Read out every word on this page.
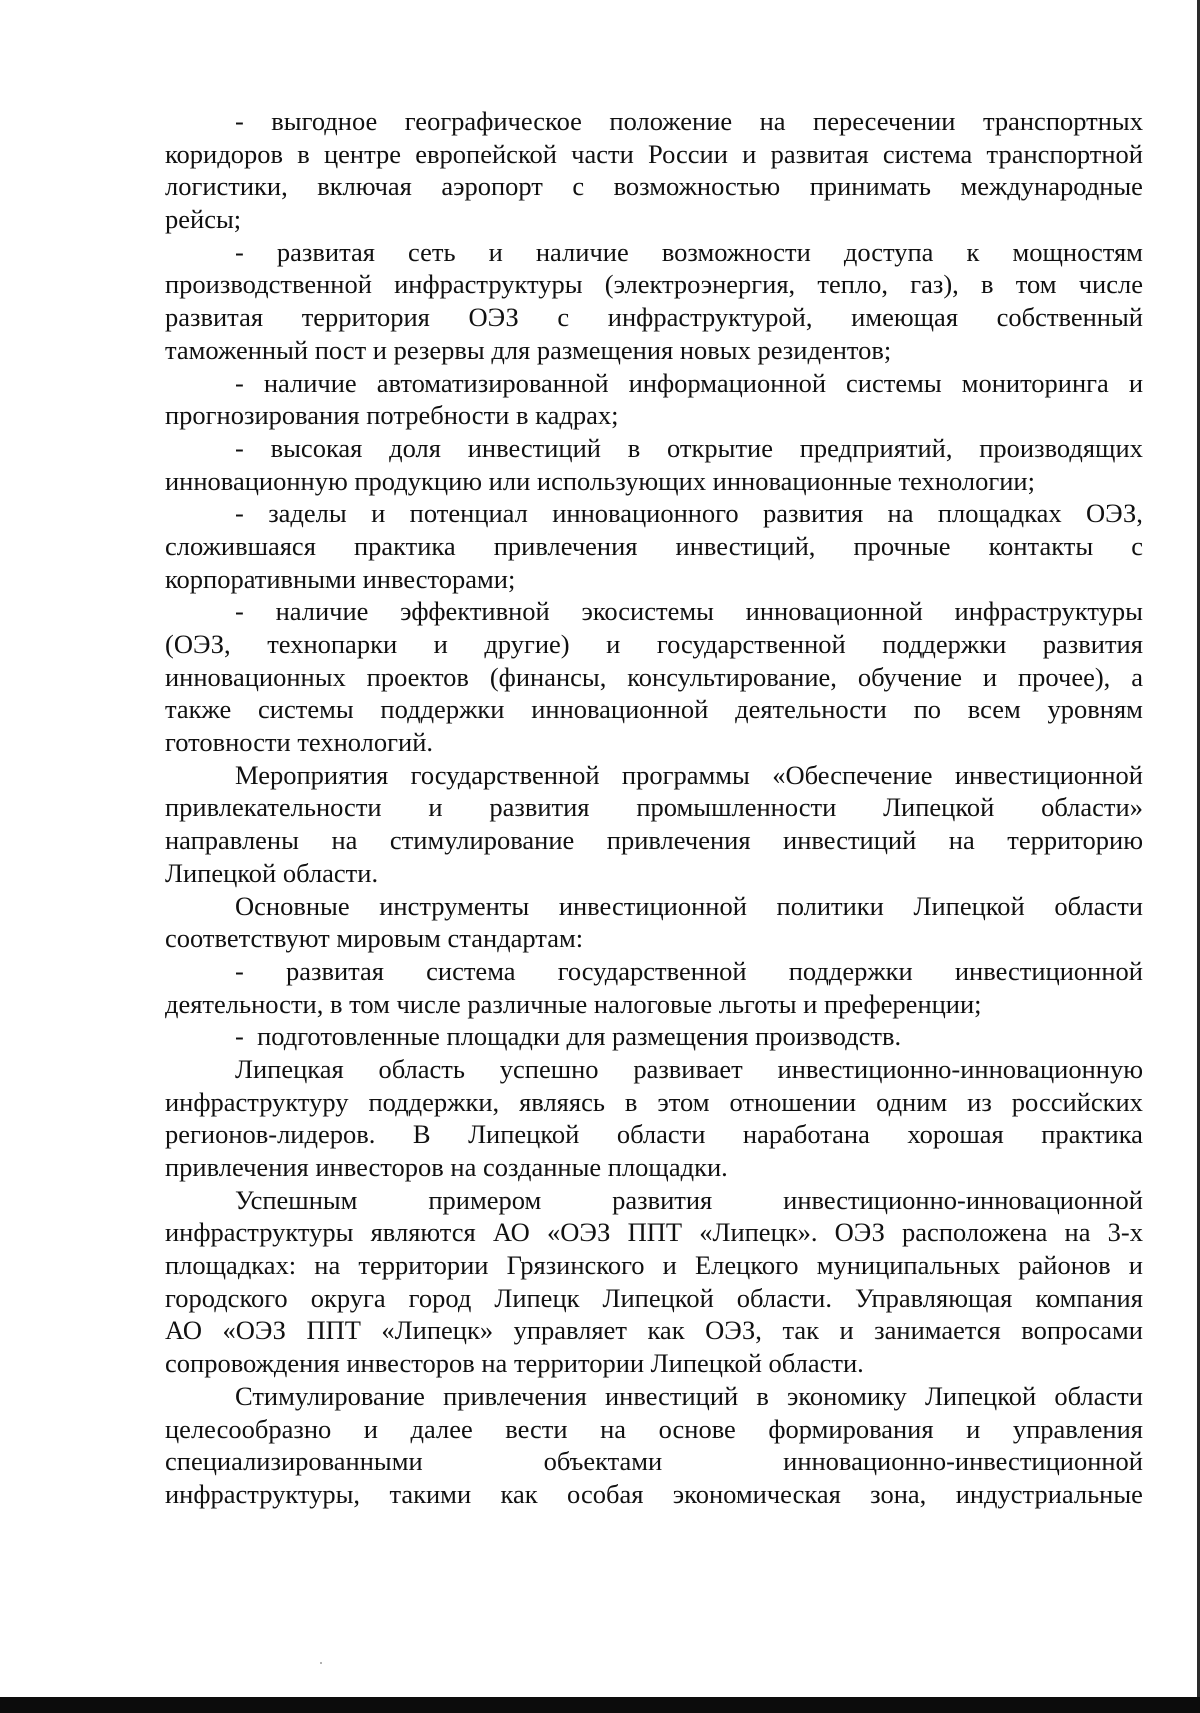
- выгодное географическое положение на пересечении транспортных
коридоров в центре европейской части России и развитая система транспортной
логистики, включая аэропорт с возможностью принимать международные
рейсы;
- развитая сеть и наличие возможности доступа к мощностям
производственной инфраструктуры (электроэнергия, тепло, газ), в том числе
развитая территория ОЭЗ с инфраструктурой, имеющая собственный
таможенный пост и резервы для размещения новых резидентов;
- наличие автоматизированной информационной системы мониторинга и
прогнозирования потребности в кадрах;
- высокая доля инвестиций в открытие предприятий, производящих
инновационную продукцию или использующих инновационные технологии;
- заделы и потенциал инновационного развития на площадках ОЭЗ,
сложившаяся практика привлечения инвестиций, прочные контакты с
корпоративными инвесторами;
- наличие эффективной экосистемы инновационной инфраструктуры
(ОЭЗ, технопарки и другие) и государственной поддержки развития
инновационных проектов (финансы, консультирование, обучение и прочее), а
также системы поддержки инновационной деятельности по всем уровням
готовности технологий.
Мероприятия государственной программы «Обеспечение инвестиционной
привлекательности и развития промышленности Липецкой области»
направлены на стимулирование привлечения инвестиций на территорию
Липецкой области.
Основные инструменты инвестиционной политики Липецкой области
соответствуют мировым стандартам:
- развитая система государственной поддержки инвестиционной
деятельности, в том числе различные налоговые льготы и преференции;
-  подготовленные площадки для размещения производств.
Липецкая область успешно развивает инвестиционно-инновационную
инфраструктуру поддержки, являясь в этом отношении одним из российских
регионов-лидеров. В Липецкой области наработана хорошая практика
привлечения инвесторов на созданные площадки.
Успешным	примером	развития	инвестиционно-инновационной
инфраструктуры являются АО «ОЭЗ ППТ «Липецк». ОЭЗ расположена на 3-х
площадках: на территории Грязинского и Елецкого муниципальных районов и
городского округа город Липецк Липецкой области. Управляющая компания
АО «ОЭЗ ППТ «Липецк» управляет как ОЭЗ, так и занимается вопросами
сопровождения инвесторов на территории Липецкой области.
Стимулирование привлечения инвестиций в экономику Липецкой области
целесообразно и далее вести на основе формирования и управления
специализированными	объектами	инновационно-инвестиционной
инфраструктуры, такими как особая экономическая зона, индустриальные
